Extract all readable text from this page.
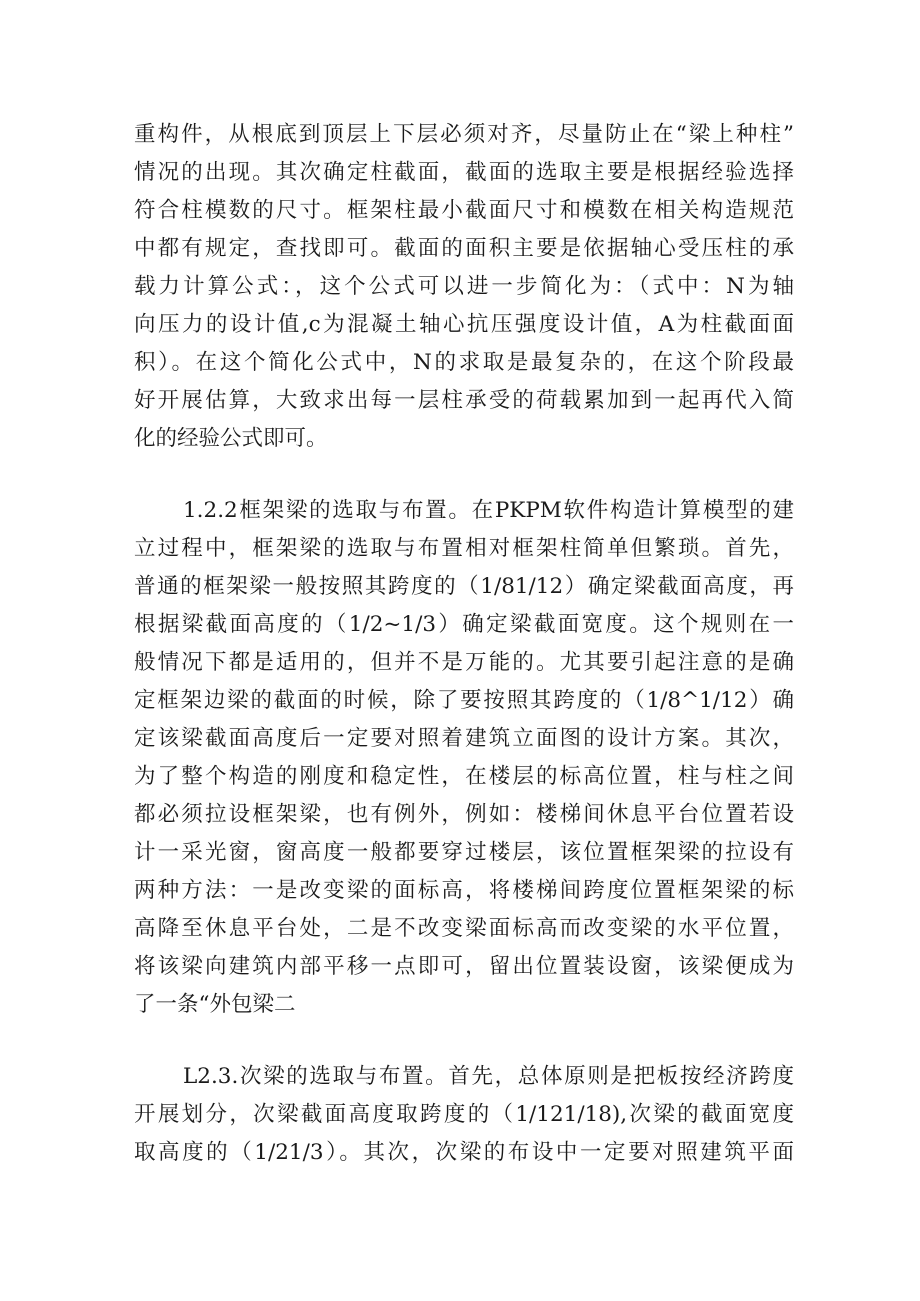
重构件，从根底到顶层上下层必须对齐，尽量防止在“梁上种柱”
情况的出现。其次确定柱截面，截面的选取主要是根据经验选择
符合柱模数的尺寸。框架柱最小截面尺寸和模数在相关构造规范
中都有规定，查找即可。截面的面积主要是依据轴心受压柱的承
载力计算公式：，这个公式可以进一步简化为：（式中：N为轴
向压力的设计值,c为混凝土轴心抗压强度设计值，A为柱截面面
积）。在这个简化公式中，N的求取是最复杂的，在这个阶段最
好开展估算，大致求出每一层柱承受的荷载累加到一起再代入简
化的经验公式即可。
1.2.2框架梁的选取与布置。在PKPM软件构造计算模型的建
立过程中，框架梁的选取与布置相对框架柱简单但繁琐。首先，
普通的框架梁一般按照其跨度的（1/81/12）确定梁截面高度，再
根据梁截面高度的（1/2~1/3）确定梁截面宽度。这个规则在一
般情况下都是适用的，但并不是万能的。尤其要引起注意的是确
定框架边梁的截面的时候，除了要按照其跨度的（1/8^1/12）确
定该梁截面高度后一定要对照着建筑立面图的设计方案。其次，
为了整个构造的刚度和稳定性，在楼层的标高位置，柱与柱之间
都必须拉设框架梁，也有例外，例如：楼梯间休息平台位置若设
计一采光窗，窗高度一般都要穿过楼层，该位置框架梁的拉设有
两种方法：一是改变梁的面标高，将楼梯间跨度位置框架梁的标
高降至休息平台处，二是不改变梁面标高而改变梁的水平位置，
将该梁向建筑内部平移一点即可，留出位置装设窗，该梁便成为
了一条“外包梁二
L2.3.次梁的选取与布置。首先，总体原则是把板按经济跨度
开展划分，次梁截面高度取跨度的（1/121/18),次梁的截面宽度
取高度的（1/21/3）。其次，次梁的布设中一定要对照建筑平面
